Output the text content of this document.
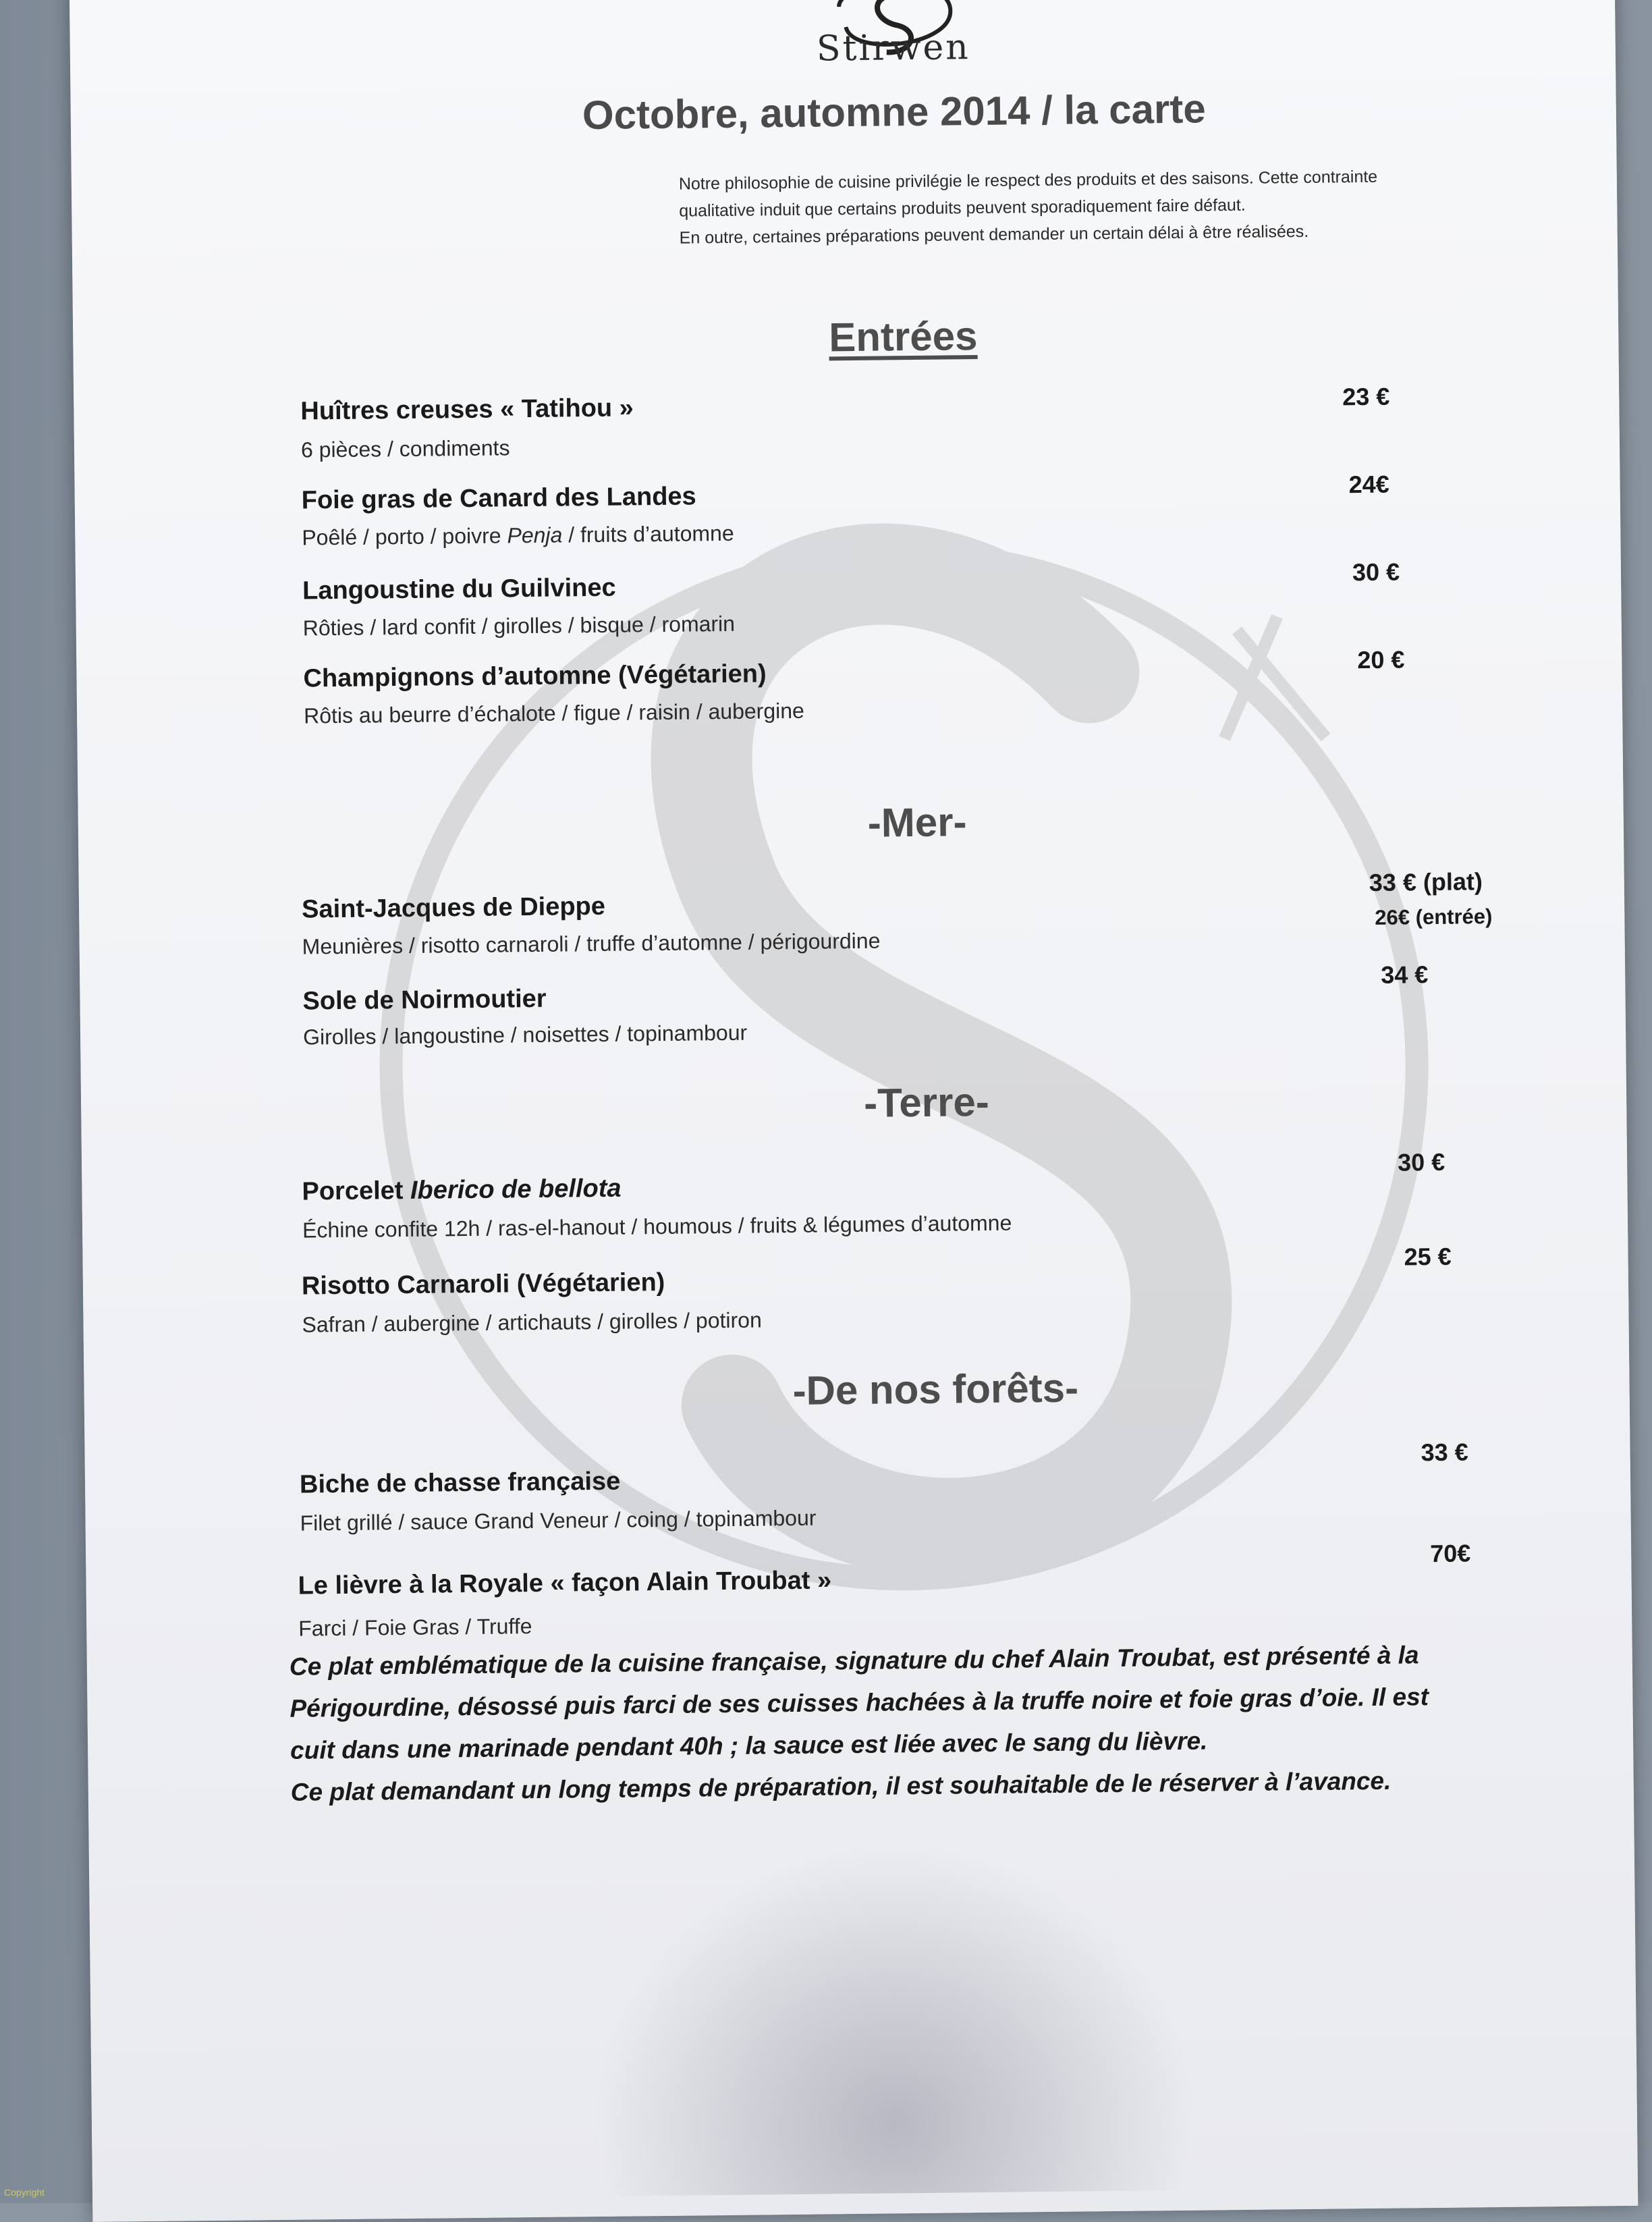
Stirwen
Octobre, automne 2014 / la carte
Notre philosophie de cuisine privilégie le respect des produits et des saisons. Cette contrainte
qualitative induit que certains produits peuvent sporadiquement faire défaut.
En outre, certaines préparations peuvent demander un certain délai à être réalisées.
Entrées
Huîtres creuses « Tatihou »
6 pièces / condiments
23 €
Foie gras de Canard des Landes
Poêlé / porto / poivre Penja / fruits d’automne
24€
Langoustine du Guilvinec
Rôties / lard confit / girolles / bisque / romarin
30 €
Champignons d’automne (Végétarien)
Rôtis au beurre d’échalote / figue / raisin / aubergine
20 €
-Mer-
Saint-Jacques de Dieppe
Meunières / risotto carnaroli / truffe d’automne / périgourdine
33 € (plat)
26€ (entrée)
Sole de Noirmoutier
Girolles / langoustine / noisettes / topinambour
34 €
-Terre-
Porcelet Iberico de bellota
Échine confite 12h / ras-el-hanout / houmous / fruits & légumes d’automne
30 €
Risotto Carnaroli (Végétarien)
Safran / aubergine / artichauts / girolles / potiron
25 €
-De nos forêts-
Biche de chasse française
Filet grillé / sauce Grand Veneur / coing / topinambour
33 €
Le lièvre à la Royale « façon Alain Troubat »
Farci / Foie Gras / Truffe
70€
Ce plat emblématique de la cuisine française, signature du chef Alain Troubat, est présenté à la
Périgourdine, désossé puis farci de ses cuisses hachées à la truffe noire et foie gras d’oie. Il est
cuit dans une marinade pendant 40h ; la sauce est liée avec le sang du lièvre.
Ce plat demandant un long temps de préparation, il est souhaitable de le réserver à l’avance.
Copyright
